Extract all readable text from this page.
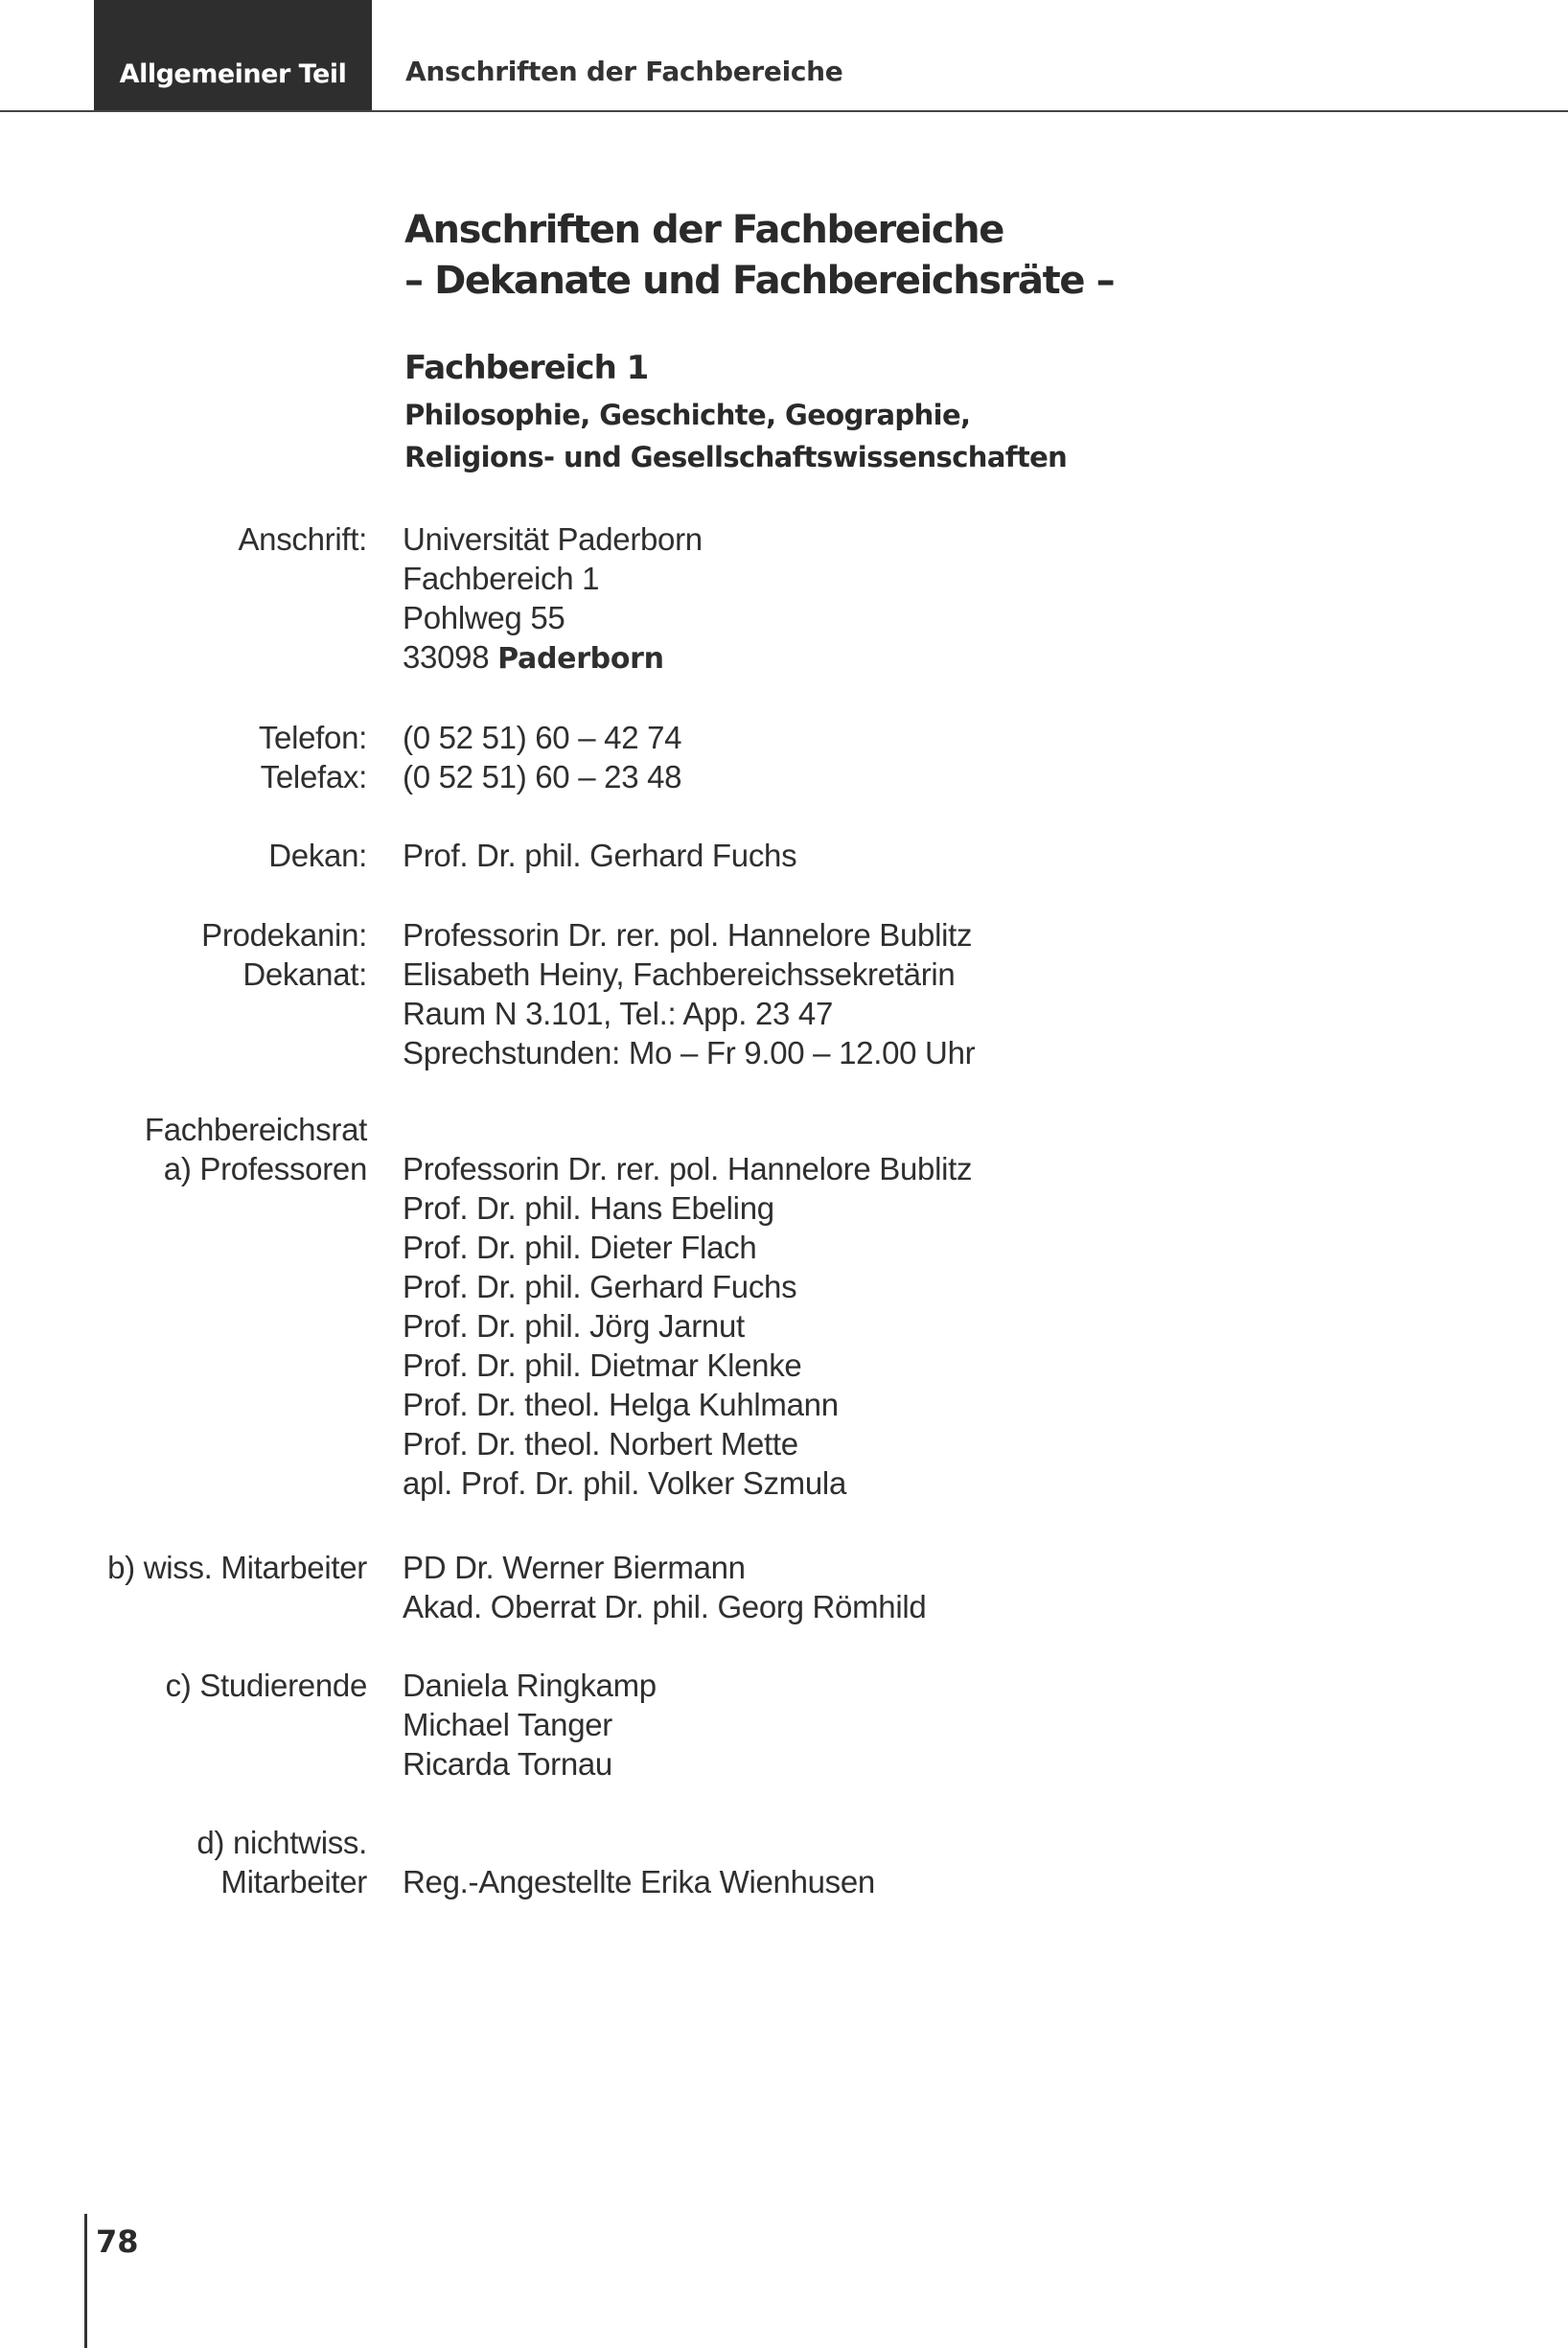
Allgemeiner Teil Anschriften der Fachbereiche
Anschriften der Fachbereiche
– Dekanate und Fachbereichsräte –
Fachbereich 1
Philosophie, Geschichte, Geographie,
Religions- und Gesellschaftswissenschaften
Anschrift: Universität Paderborn
Fachbereich 1
Pohlweg 55
33098 Paderborn
Telefon: (0 52 51) 60 – 42 74
Telefax: (0 52 51) 60 – 23 48
Dekan: Prof. Dr. phil. Gerhard Fuchs
Prodekanin: Professorin Dr. rer. pol. Hannelore Bublitz
Dekanat: Elisabeth Heiny, Fachbereichssekretärin
Raum N 3.101, Tel.: App. 23 47
Sprechstunden: Mo – Fr 9.00 – 12.00 Uhr
Fachbereichsrat
a) Professoren Professorin Dr. rer. pol. Hannelore Bublitz
Prof. Dr. phil. Hans Ebeling
Prof. Dr. phil. Dieter Flach
Prof. Dr. phil. Gerhard Fuchs
Prof. Dr. phil. Jörg Jarnut
Prof. Dr. phil. Dietmar Klenke
Prof. Dr. theol. Helga Kuhlmann
Prof. Dr. theol. Norbert Mette
apl. Prof. Dr. phil. Volker Szmula
b) wiss. Mitarbeiter PD Dr. Werner Biermann
Akad. Oberrat Dr. phil. Georg Römhild
c) Studierende Daniela Ringkamp
Michael Tanger
Ricarda Tornau
d) nichtwiss.
Mitarbeiter Reg.-Angestellte Erika Wienhusen
78
